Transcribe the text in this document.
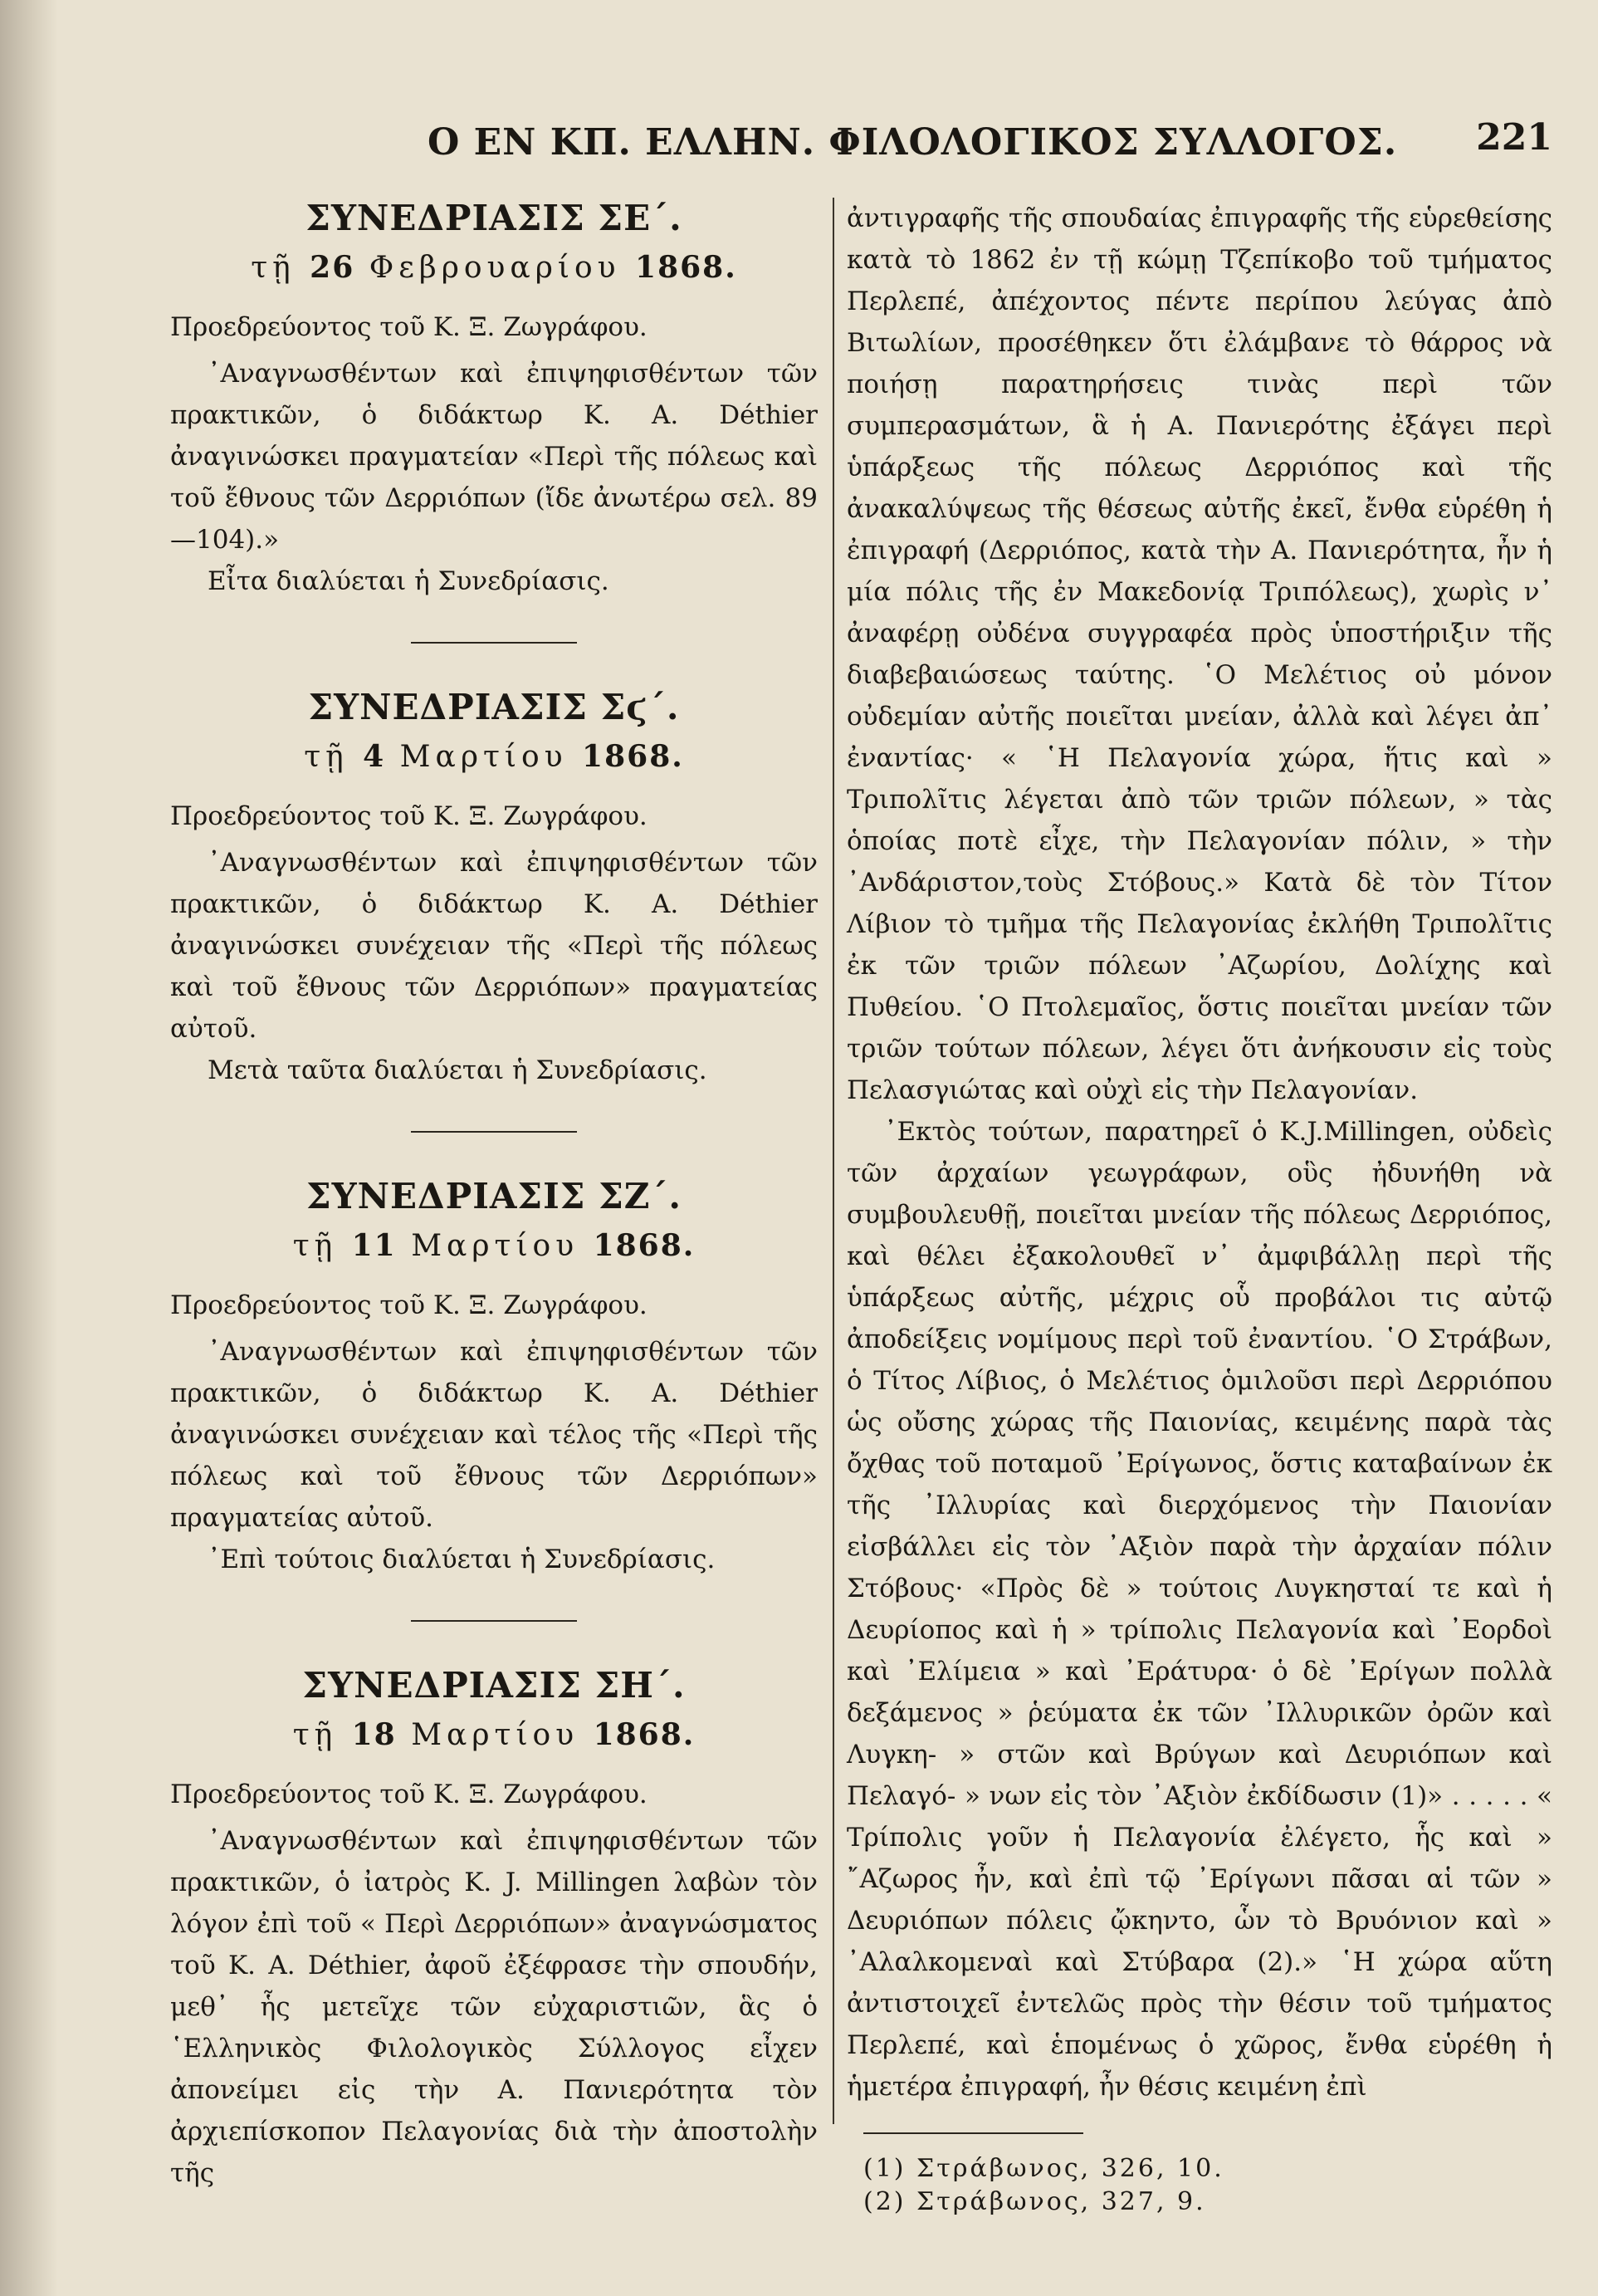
Ο ΕΝ ΚΠ. ΕΛΛΗΝ. ΦΙΛΟΛΟΓΙΚΟΣ ΣΥΛΛΟΓΟΣ. 221
ΣΥΝΕΔΡΙΑΣΙΣ ΣΕ΄.
τῇ 26 Φεβρουαρίου 1868.

Προεδρεύοντος τοῦ Κ. Ξ. Ζωγράφου.

᾿Αναγνωσθέντων καὶ ἐπιψηφισθέντων τῶν πρακτικῶν, ὁ διδάκτωρ Κ. Α. Déthier ἀναγινώσκει πραγματείαν «Περὶ τῆς πόλεως καὶ τοῦ ἔθνους τῶν Δερριόπων (ἴδε ἀνωτέρω σελ. 89 —104).»

Εἶτα διαλύεται ἡ Συνεδρίασις.

ΣΥΝΕΔΡΙΑΣΙΣ Σϛ΄.
τῇ 4 Μαρτίου 1868.

Προεδρεύοντος τοῦ Κ. Ξ. Ζωγράφου.

᾿Αναγνωσθέντων καὶ ἐπιψηφισθέντων τῶν πρακτικῶν, ὁ διδάκτωρ Κ. Α. Déthier ἀναγινώσκει συνέχειαν τῆς «Περὶ τῆς πόλεως καὶ τοῦ ἔθνους τῶν Δερριόπων» πραγματείας αὐτοῦ.

Μετὰ ταῦτα διαλύεται ἡ Συνεδρίασις.

ΣΥΝΕΔΡΙΑΣΙΣ ΣΖ΄.
τῇ 11 Μαρτίου 1868.

Προεδρεύοντος τοῦ Κ. Ξ. Ζωγράφου.

᾿Αναγνωσθέντων καὶ ἐπιψηφισθέντων τῶν πρακτικῶν, ὁ διδάκτωρ Κ. Α. Déthier ἀναγινώσκει συνέχειαν καὶ τέλος τῆς «Περὶ τῆς πόλεως καὶ τοῦ ἔθνους τῶν Δερριόπων» πραγματείας αὐτοῦ.

᾿Επὶ τούτοις διαλύεται ἡ Συνεδρίασις.

ΣΥΝΕΔΡΙΑΣΙΣ ΣΗ΄.
τῇ 18 Μαρτίου 1868.

Προεδρεύοντος τοῦ Κ. Ξ. Ζωγράφου.

᾿Αναγνωσθέντων καὶ ἐπιψηφισθέντων τῶν πρακτικῶν, ὁ ἰατρὸς Κ. J. Millingen λαβὼν τὸν λόγον ἐπὶ τοῦ « Περὶ Δερριόπων» ἀναγνώσματος τοῦ Κ. Α. Déthier, ἀφοῦ ἐξέφρασε τὴν σπουδήν, μεθ᾿ ἧς μετεῖχε τῶν εὐχαριστιῶν, ἃς ὁ ῾Ελληνικὸς Φιλολογικὸς Σύλλογος εἶχεν ἀπονείμει εἰς τὴν Α. Πανιερότητα τὸν ἀρχιεπίσκοπον Πελαγονίας διὰ τὴν ἀποστολὴν τῆς

ἀντιγραφῆς τῆς σπουδαίας ἐπιγραφῆς τῆς εὑρεθείσης κατὰ τὸ 1862 ἐν τῇ κώμῃ Τζεπίκοβο τοῦ τμήματος Περλεπέ, ἀπέχοντος πέντε περίπου λεύγας ἀπὸ Βιτωλίων, προσέθηκεν ὅτι ἐλάμβανε τὸ θάρρος νὰ ποιήσῃ παρατηρήσεις τινὰς περὶ τῶν συμπερασμάτων, ἃ ἡ Α. Πανιερότης ἐξάγει περὶ ὑπάρξεως τῆς πόλεως Δερριόπος καὶ τῆς ἀνακαλύψεως τῆς θέσεως αὐτῆς ἐκεῖ, ἔνθα εὑρέθη ἡ ἐπιγραφή (Δερριόπος, κατὰ τὴν Α. Πανιερότητα, ἦν ἡ μία πόλις τῆς ἐν Μακεδονίᾳ Τριπόλεως), χωρὶς ν᾿ ἀναφέρῃ οὐδένα συγγραφέα πρὸς ὑποστήριξιν τῆς διαβεβαιώσεως ταύτης. ῾Ο Μελέτιος οὐ μόνον οὐδεμίαν αὐτῆς ποιεῖται μνείαν, ἀλλὰ καὶ λέγει ἀπ᾿ ἐναντίας· « ῾Η Πελαγονία χώρα, ἥτις καὶ » Τριπολῖτις λέγεται ἀπὸ τῶν τριῶν πόλεων, » τὰς ὁποίας ποτὲ εἶχε, τὴν Πελαγονίαν πόλιν, » τὴν ᾿Ανδάριστον,τοὺς Στόβους.» Κατὰ δὲ τὸν Τίτον Λίβιον τὸ τμῆμα τῆς Πελαγονίας ἐκλήθη Τριπολῖτις ἐκ τῶν τριῶν πόλεων ᾿Αζωρίου, Δολίχης καὶ Πυθείου. ῾Ο Πτολεμαῖος, ὅστις ποιεῖται μνείαν τῶν τριῶν τούτων πόλεων, λέγει ὅτι ἀνήκουσιν εἰς τοὺς Πελασγιώτας καὶ οὐχὶ εἰς τὴν Πελαγονίαν.

᾿Εκτὸς τούτων, παρατηρεῖ ὁ Κ.J.Millingen, οὐδεὶς τῶν ἀρχαίων γεωγράφων, οὓς ἠδυνήθη νὰ συμβουλευθῇ, ποιεῖται μνείαν τῆς πόλεως Δερριόπος, καὶ θέλει ἐξακολουθεῖ ν᾿ ἀμφιβάλλῃ περὶ τῆς ὑπάρξεως αὐτῆς, μέχρις οὗ προβάλοι τις αὐτῷ ἀποδείξεις νομίμους περὶ τοῦ ἐναντίου. ῾Ο Στράβων, ὁ Τίτος Λίβιος, ὁ Μελέτιος ὁμιλοῦσι περὶ Δερριόπου ὡς οὔσης χώρας τῆς Παιονίας, κειμένης παρὰ τὰς ὄχθας τοῦ ποταμοῦ ᾿Ερίγωνος, ὅστις καταβαίνων ἐκ τῆς ᾿Ιλλυρίας καὶ διερχόμενος τὴν Παιονίαν εἰσβάλλει εἰς τὸν ᾿Αξιὸν παρὰ τὴν ἀρχαίαν πόλιν Στόβους· «Πρὸς δὲ » τούτοις Λυγκησταί τε καὶ ἡ Δευρίοπος καὶ ἡ » τρίπολις Πελαγονία καὶ ᾿Εορδοὶ καὶ ᾿Ελίμεια » καὶ ᾿Εράτυρα· ὁ δὲ ᾿Ερίγων πολλὰ δεξάμενος » ῥεύματα ἐκ τῶν ᾿Ιλλυρικῶν ὀρῶν καὶ Λυγκη- » στῶν καὶ Βρύγων καὶ Δευριόπων καὶ Πελαγό- » νων εἰς τὸν ᾿Αξιὸν ἐκδίδωσιν (1)» . . . . . « Τρίπολις γοῦν ἡ Πελαγονία ἐλέγετο, ἧς καὶ » ῎Αζωρος ἦν, καὶ ἐπὶ τῷ ᾿Ερίγωνι πᾶσαι αἱ τῶν » Δευριόπων πόλεις ᾤκηντο, ὧν τὸ Βρυόνιον καὶ » ᾿Αλαλκομεναὶ καὶ Στύβαρα (2).» ῾Η χώρα αὕτη ἀντιστοιχεῖ ἐντελῶς πρὸς τὴν θέσιν τοῦ τμήματος Περλεπέ, καὶ ἑπομένως ὁ χῶρος, ἔνθα εὑρέθη ἡ ἡμετέρα ἐπιγραφή, ἦν θέσις κειμένη ἐπὶ

(1) Στράβωνος, 326, 10.

(2) Στράβωνος, 327, 9.
